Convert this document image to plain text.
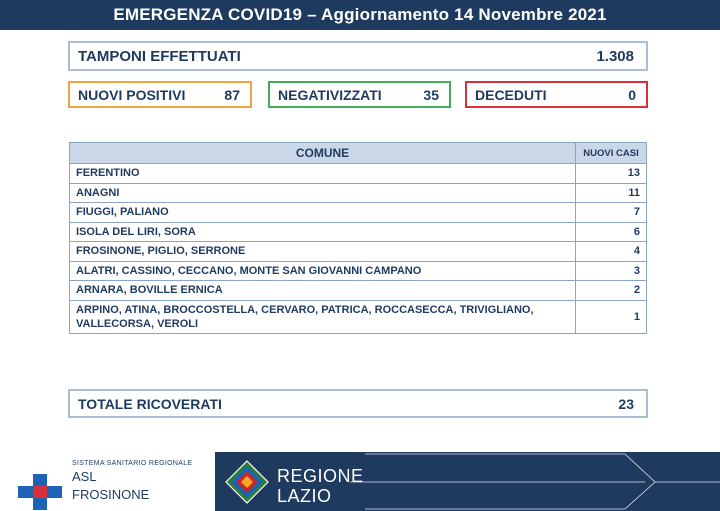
EMERGENZA COVID19 – Aggiornamento 14 Novembre 2021
TAMPONI EFFETTUATI	1.308
NUOVI POSITIVI	87	NEGATIVIZZATI	35	DECEDUTI	0
COMUNE	NUOVI CASI
FERENTINO	13
ANAGNI	11
FIUGGI, PALIANO	7
ISOLA DEL LIRI, SORA	6
FROSINONE, PIGLIO, SERRONE	4
ALATRI, CASSINO, CECCANO, MONTE SAN GIOVANNI CAMPANO	3
ARNARA, BOVILLE ERNICA	2
ARPINO, ATINA, BROCCOSTELLA, CERVARO, PATRICA, ROCCASECCA, TRIVIGLIANO, VALLECORSA, VEROLI	1
TOTALE RICOVERATI	23
SISTEMA SANITARIO REGIONALE
ASL
FROSINONE
REGIONE
LAZIO
